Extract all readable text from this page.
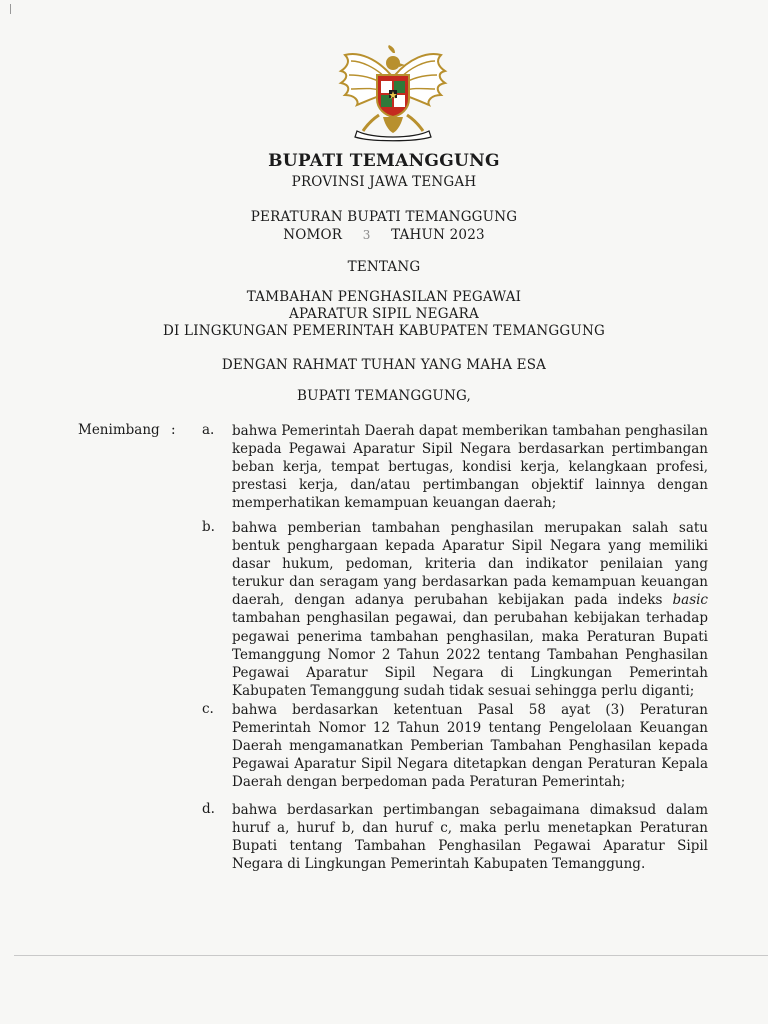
BUPATI TEMANGGUNG
PROVINSI JAWA TENGAH
PERATURAN BUPATI TEMANGGUNG
NOMOR 3 TAHUN 2023
TENTANG
TAMBAHAN PENGHASILAN PEGAWAI
APARATUR SIPIL NEGARA
DI LINGKUNGAN PEMERINTAH KABUPATEN TEMANGGUNG
DENGAN RAHMAT TUHAN YANG MAHA ESA
BUPATI TEMANGGUNG,
Menimbang : a. bahwa Pemerintah Daerah dapat memberikan tambahan penghasilan kepada Pegawai Aparatur Sipil Negara berdasarkan pertimbangan beban kerja, tempat bertugas, kondisi kerja, kelangkaan profesi, prestasi kerja, dan/atau pertimbangan objektif lainnya dengan memperhatikan kemampuan keuangan daerah;
b. bahwa pemberian tambahan penghasilan merupakan salah satu bentuk penghargaan kepada Aparatur Sipil Negara yang memiliki dasar hukum, pedoman, kriteria dan indikator penilaian yang terukur dan seragam yang berdasarkan pada kemampuan keuangan daerah, dengan adanya perubahan kebijakan pada indeks basic tambahan penghasilan pegawai, dan perubahan kebijakan terhadap pegawai penerima tambahan penghasilan, maka Peraturan Bupati Temanggung Nomor 2 Tahun 2022 tentang Tambahan Penghasilan Pegawai Aparatur Sipil Negara di Lingkungan Pemerintah Kabupaten Temanggung sudah tidak sesuai sehingga perlu diganti;
c. bahwa berdasarkan ketentuan Pasal 58 ayat (3) Peraturan Pemerintah Nomor 12 Tahun 2019 tentang Pengelolaan Keuangan Daerah mengamanatkan Pemberian Tambahan Penghasilan kepada Pegawai Aparatur Sipil Negara ditetapkan dengan Peraturan Kepala Daerah dengan berpedoman pada Peraturan Pemerintah;
d. bahwa berdasarkan pertimbangan sebagaimana dimaksud dalam huruf a, huruf b, dan huruf c, maka perlu menetapkan Peraturan Bupati tentang Tambahan Penghasilan Pegawai Aparatur Sipil Negara di Lingkungan Pemerintah Kabupaten Temanggung.
